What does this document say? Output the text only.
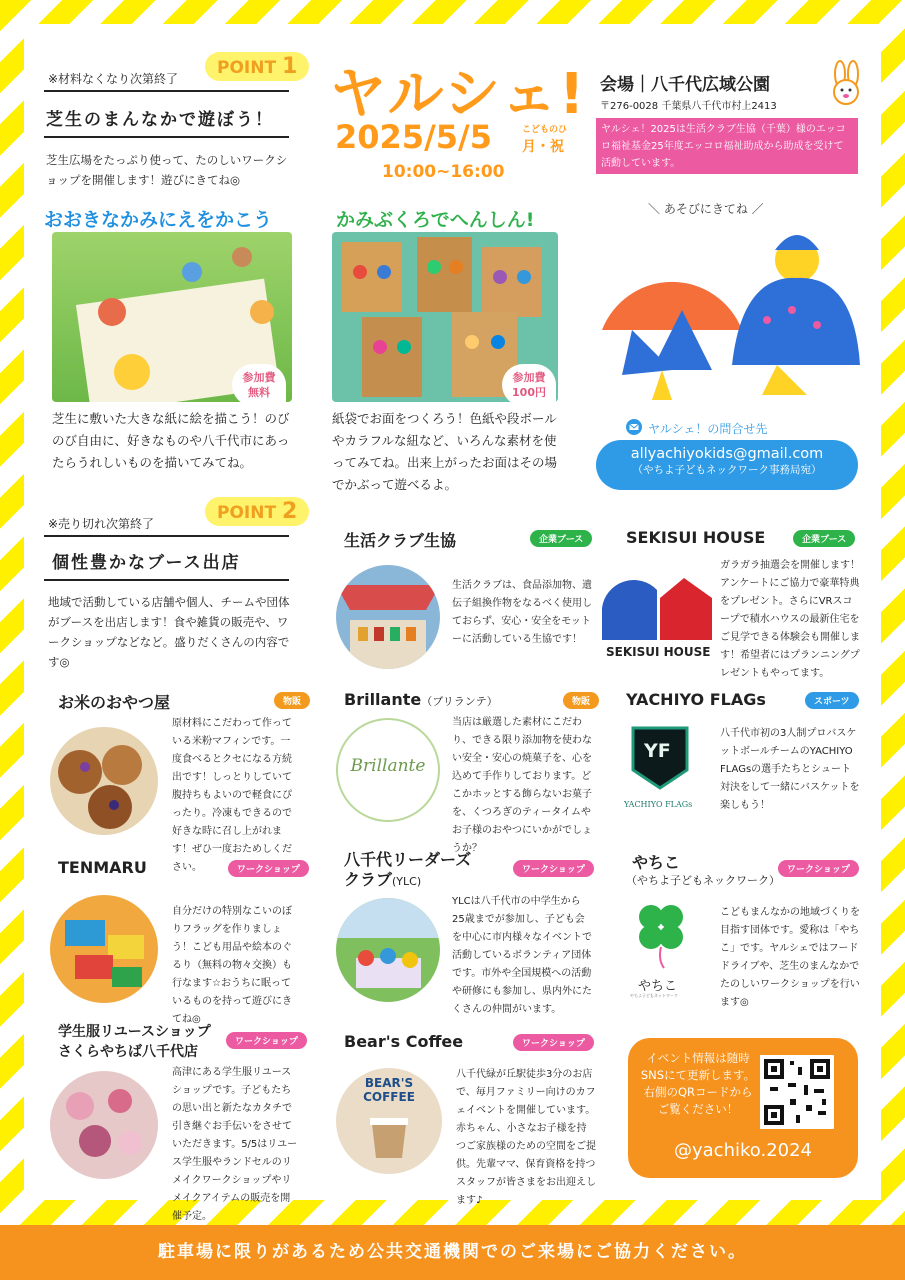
※材料なくなり次第終了
POINT 1
芝生のまんなかで遊ぼう！
芝生広場をたっぷり使って、たのしいワークショップを開催します！遊びにきてね◎
ヤルシェ!
2025/5/5	こどものひ
月・祝
10:00~16:00
会場｜八千代広域公園
〒276-0028 千葉県八千代市村上2413
ヤルシェ！2025は生活クラブ生協（千葉）様のエッコロ福祉基金25年度エッコロ福祉助成から助成を受けて活動しています。
おおきなかみにえをかこう
参加費
無料
芝生に敷いた大きな紙に絵を描こう！のびのび自由に、好きなものや八千代市にあったらうれしいものを描いてみてね。
かみぶくろでへんしん!
参加費
100円
紙袋でお面をつくろう！色紙や段ボールやカラフルな紐など、いろんな素材を使ってみてね。出来上がったお面はその場でかぶって遊べるよ。
＼ あそびにきてね ／
ヤルシェ！の問合せ先
allyachiyokids@gmail.com
（やちよ子どもネックワーク事務局宛）
※売り切れ次第終了
POINT 2
個性豊かなブース出店
地域で活動している店舗や個人、チームや団体がブースを出店します！食や雑貨の販売や、ワークショップなどなど。盛りだくさんの内容です◎
生活クラブ生協	企業ブース
生活クラブは、食品添加物、遺伝子組換作物をなるべく使用しておらず、安心・安全をモットーに活動している生協です！
SEKISUI HOUSE	企業ブース
SEKISUI HOUSE
ガラガラ抽選会を開催します！アンケートにご協力で豪華特典をプレゼント。さらにVRスコープで積水ハウスの最新住宅をご見学できる体験会も開催します！希望者にはプランニングプレゼントもやってます。
お米のおやつ屋	物販
原材料にこだわって作っている米粉マフィンです。一度食べるとクセになる方続出です！しっとりしていて腹持ちもよいので軽食にぴったり。冷凍もできるので好きな時に召し上がれます！ぜひ一度おためしください。
Brillante（ブリランテ）	物販
Brillante
当店は厳選した素材にこだわり、できる限り添加物を使わない安全・安心の焼菓子を、心を込めて手作りしております。どこかホッとする飾らないお菓子を、くつろぎのティータイムやお子様のおやつにいかがでしょうか？
YACHIYO FLAGs	スポーツ
YF
YACHIYO FLAGs
八千代市初の3人制プロバスケットボールチームのYACHIYO FLAGsの選手たちとシュート対決をして一緒にバスケットを楽しもう！
TENMARU	ワークショップ
自分だけの特別なこいのぼりフラッグを作りましょう！こども用品や絵本のぐるり（無料の物々交換）も行なます☆おうちに眠っているものを持って遊びにきてね◎
八千代リーダーズ
クラブ(YLC)
ワークショップ
YLCは八千代市の中学生から25歳までが参加し、子ども会を中心に市内様々なイベントで活動しているボランティア団体です。市外や全国規模への活動や研修にも参加し、県内外にたくさんの仲間がいます。
やちこ
（やちよ子どもネックワーク）
ワークショップ
やちこ
やちよ子どもネットワーク
こどもまんなかの地域づくりを目指す団体です。愛称は「やちこ」です。ヤルシェではフードドライブや、芝生のまんなかでたのしいワークショップを行います◎
学生服リユースショップ
さくらやちば八千代店
ワークショップ
高津にある学生服リユースショップです。子どもたちの思い出と新たなカタチで引き継ぐお手伝いをさせていただきます。5/5はリユース学生服やランドセルのリメイクワークショップやリメイクアイテムの販売を開催予定。
Bear's Coffee	ワークショップ
BEAR'S COFFEE
八千代緑が丘駅徒歩3分のお店で、毎月ファミリー向けのカフェイベントを開催しています。赤ちゃん、小さなお子様を持つご家族様のための空間をご提供。先輩ママ、保育資格を持つスタッフが皆さまをお出迎えします♪
イベント情報は随時SNSにて更新します。右側のQRコードからご覧ください！
@yachiko.2024
駐車場に限りがあるため公共交通機関でのご来場にご協力ください。
